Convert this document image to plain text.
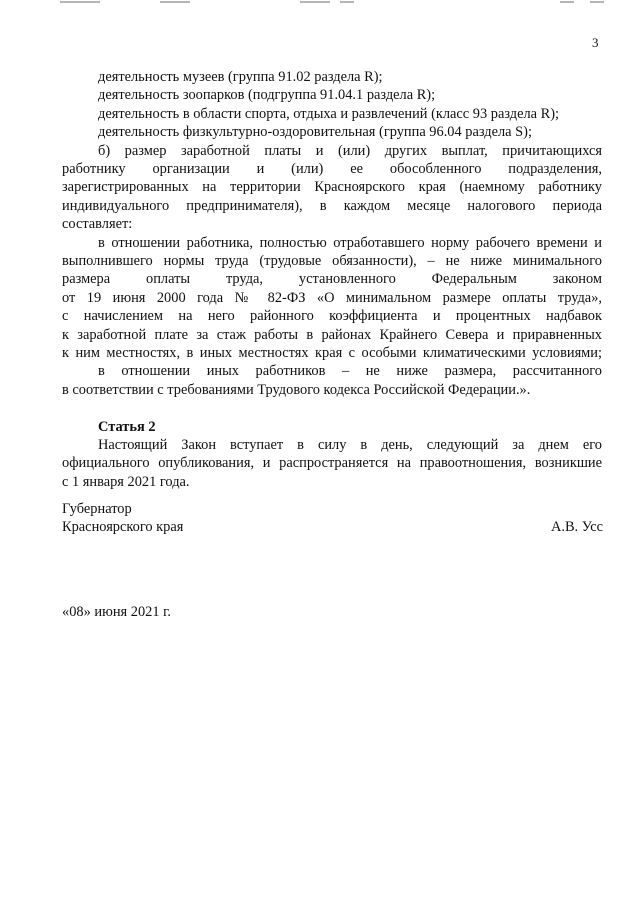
3

деятельность музеев (группа 91.02 раздела R);

деятельность зоопарков (подгруппа 91.04.1 раздела R);

деятельность в области спорта, отдыха и развлечений (класс 93 раздела R);

деятельность физкультурно-оздоровительная (группа 96.04 раздела S);

б) размер заработной платы и (или) других выплат, причитающихся

работнику организации и (или) ее обособленного подразделения,

зарегистрированных на территории Красноярского края (наемному работнику

индивидуального предпринимателя), в каждом месяце налогового периода

составляет:

в отношении работника, полностью отработавшего норму рабочего времени и

выполнившего нормы труда (трудовые обязанности), – не ниже минимального

размера оплаты труда, установленного Федеральным законом

от 19 июня 2000 года № 82-ФЗ «О минимальном размере оплаты труда»,

с начислением на него районного коэффициента и процентных надбавок

к заработной плате за стаж работы в районах Крайнего Севера и приравненных

к ним местностях, в иных местностях края с особыми климатическими условиями;

в отношении иных работников – не ниже размера, рассчитанного

в соответствии с требованиями Трудового кодекса Российской Федерации.».

Статья 2

Настоящий Закон вступает в силу в день, следующий за днем его

официального опубликования, и распространяется на правоотношения, возникшие

с 1 января 2021 года.

Губернатор
Красноярского края	А.В. Усс
«08» июня 2021 г.
